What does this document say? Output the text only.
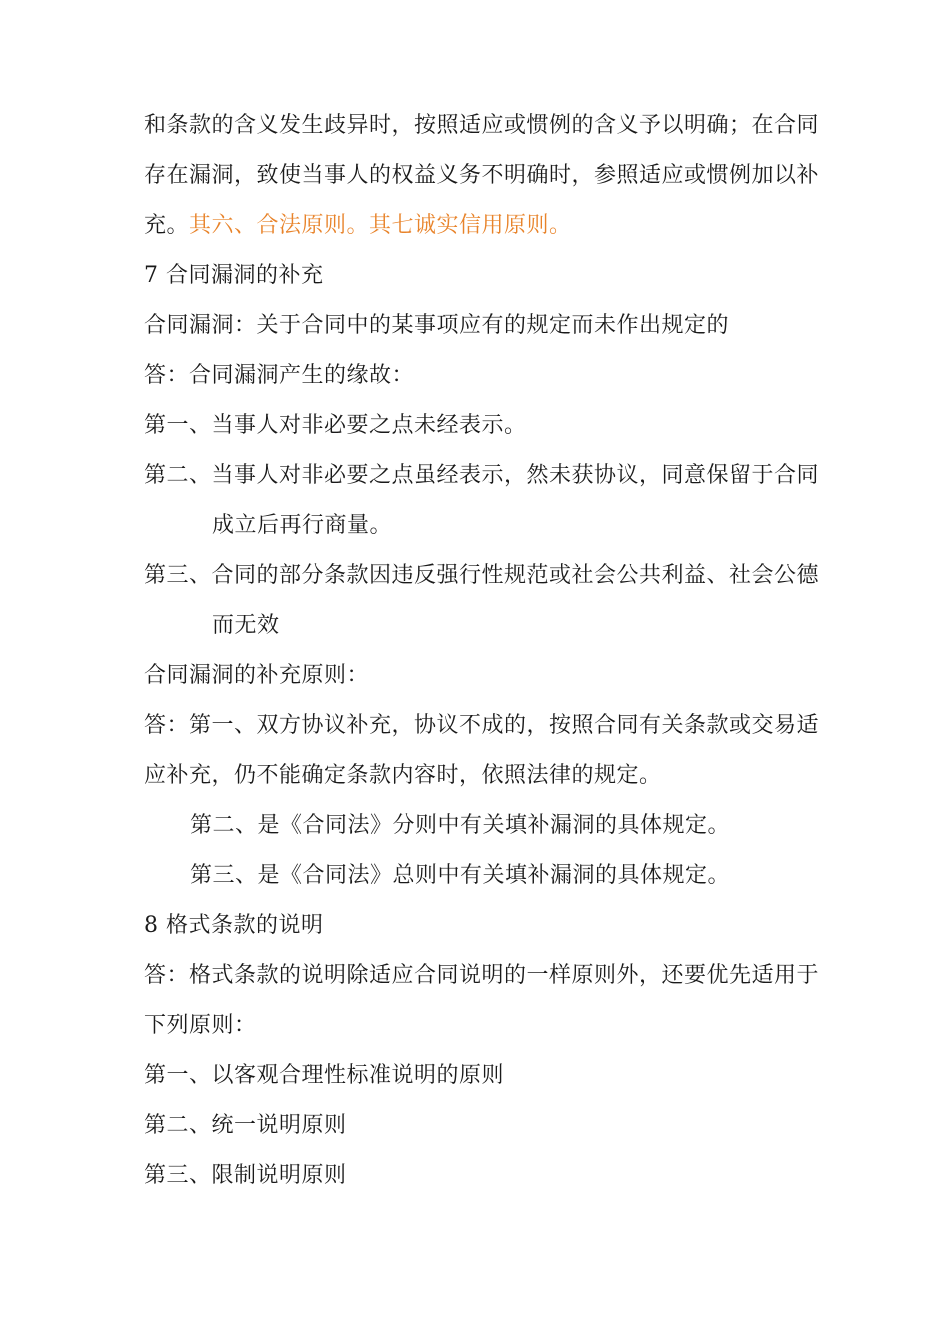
和条款的含义发生歧异时，按照适应或惯例的含义予以明确；在合同
存在漏洞，致使当事人的权益义务不明确时，参照适应或惯例加以补
充。其六、合法原则。其七诚实信用原则。
7 合同漏洞的补充
合同漏洞：关于合同中的某事项应有的规定而未作出规定的
答：合同漏洞产生的缘故：
第一、当事人对非必要之点未经表示。
第二、当事人对非必要之点虽经表示，然未获协议，同意保留于合同
成立后再行商量。
第三、合同的部分条款因违反强行性规范或社会公共利益、社会公德
而无效
合同漏洞的补充原则：
答：第一、双方协议补充，协议不成的，按照合同有关条款或交易适
应补充，仍不能确定条款内容时，依照法律的规定。
第二、是《合同法》分则中有关填补漏洞的具体规定。
第三、是《合同法》总则中有关填补漏洞的具体规定。
8 格式条款的说明
答：格式条款的说明除适应合同说明的一样原则外，还要优先适用于
下列原则：
第一、以客观合理性标准说明的原则
第二、统一说明原则
第三、限制说明原则
